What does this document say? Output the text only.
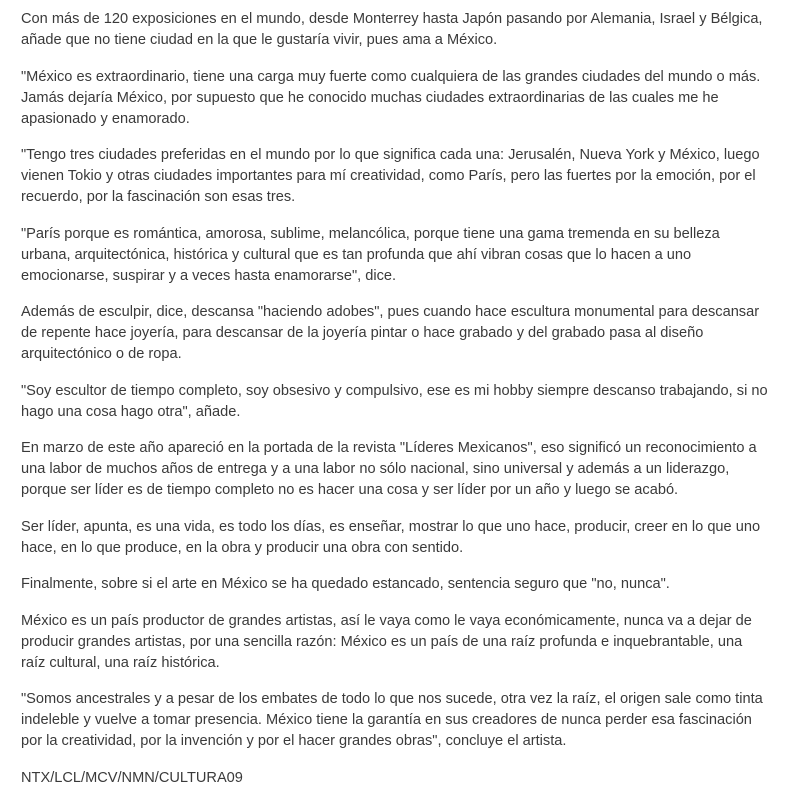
Con más de 120 exposiciones en el mundo, desde Monterrey hasta Japón pasando por Alemania, Israel y Bélgica, añade que no tiene ciudad en la que le gustaría vivir, pues ama a México.

"México es extraordinario, tiene una carga muy fuerte como cualquiera de las grandes ciudades del mundo o más. Jamás dejaría México, por supuesto que he conocido muchas ciudades extraordinarias de las cuales me he apasionado y enamorado.

"Tengo tres ciudades preferidas en el mundo por lo que significa cada una: Jerusalén, Nueva York y México, luego vienen Tokio y otras ciudades importantes para mí creatividad, como París, pero las fuertes por la emoción, por el recuerdo, por la fascinación son esas tres.

"París porque es romántica, amorosa, sublime, melancólica, porque tiene una gama tremenda en su belleza urbana, arquitectónica, histórica y cultural que es tan profunda que ahí vibran cosas que lo hacen a uno emocionarse, suspirar y a veces hasta enamorarse", dice.

Además de esculpir, dice, descansa "haciendo adobes", pues cuando hace escultura monumental para descansar de repente hace joyería, para descansar de la joyería pintar o hace grabado y del grabado pasa al diseño arquitectónico o de ropa.

"Soy escultor de tiempo completo, soy obsesivo y compulsivo, ese es mi hobby siempre descanso trabajando, si no hago una cosa hago otra", añade.

En marzo de este año apareció en la portada de la revista "Líderes Mexicanos", eso significó un reconocimiento a una labor de muchos años de entrega y a una labor no sólo nacional, sino universal y además a un liderazgo, porque ser líder es de tiempo completo no es hacer una cosa y ser líder por un año y luego se acabó.

Ser líder, apunta, es una vida, es todo los días, es enseñar, mostrar lo que uno hace, producir, creer en lo que uno hace, en lo que produce, en la obra y producir una obra con sentido.

Finalmente, sobre si el arte en México se ha quedado estancado, sentencia seguro que "no, nunca".

México es un país productor de grandes artistas, así le vaya como le vaya económicamente, nunca va a dejar de producir grandes artistas, por una sencilla razón: México es un país de una raíz profunda e inquebrantable, una raíz cultural, una raíz histórica.

"Somos ancestrales y a pesar de los embates de todo lo que nos sucede, otra vez la raíz, el origen sale como tinta indeleble y vuelve a tomar presencia. México tiene la garantía en sus creadores de nunca perder esa fascinación por la creatividad, por la invención y por el hacer grandes obras", concluye el artista.

NTX/LCL/MCV/NMN/CULTURA09
